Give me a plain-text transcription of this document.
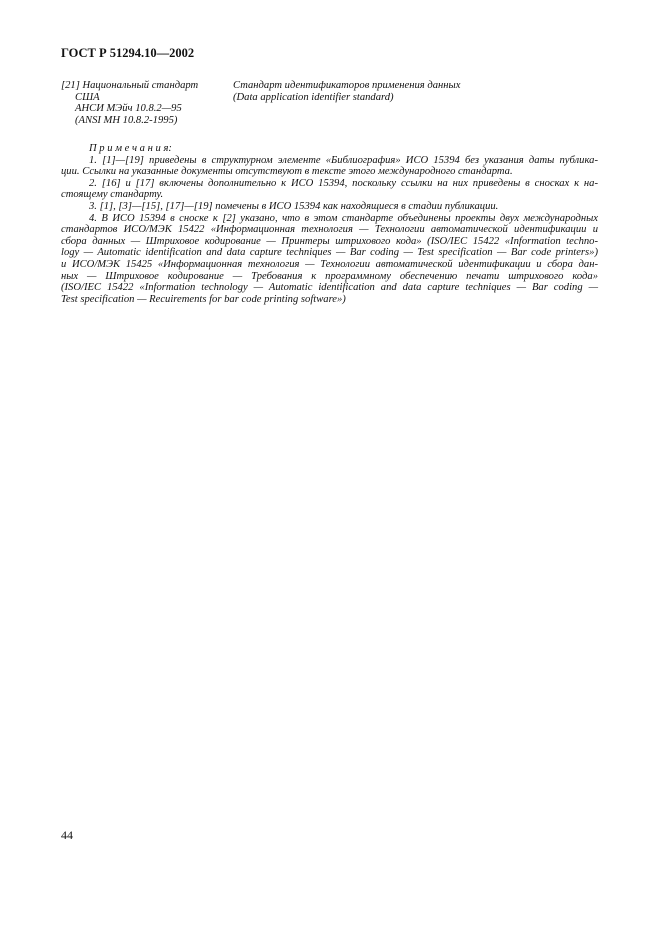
ГОСТ Р 51294.10—2002
[21] Национальный стандарт
США
АНСИ МЭйч 10.8.2—95
(ANSI MH 10.8.2-1995)
Стандарт идентификаторов применения данных
(Data application identifier standard)
П р и м е ч а н и я:
1. [1]—[19] приведены в структурном элементе «Библиография» ИСО 15394 без указания даты публика-
ции. Ссылки на указанные документы отсутствуют в тексте этого международного стандарта.
2. [16] и [17] включены дополнительно к ИСО 15394, поскольку ссылки на них приведены в сносках к на-
стоящему стандарту.
3. [1], [3]—[15], [17]—[19] помечены в ИСО 15394 как находящиеся в стадии публикации.
4. В ИСО 15394 в сноске к [2] указано, что в этом стандарте объединены проекты двух международных
стандартов ИСО/МЭК 15422 «Информационная технология — Технологии автоматической идентификации и
сбора данных — Штриховое кодирование — Принтеры штрихового кода» (ISO/IEC 15422 «Information techno-
logy — Automatic identification and data capture techniques — Bar coding — Test specification — Bar code printers»)
и ИСО/МЭК 15425 «Информационная технология — Технологии автоматической идентификации и сбора дан-
ных — Штриховое кодирование — Требования к программному обеспечению печати штрихового кода»
(ISO/IEC 15422 «Information technology — Automatic identification and data capture techniques — Bar coding —
Test specification — Recuirements for bar code printing software»)
44
